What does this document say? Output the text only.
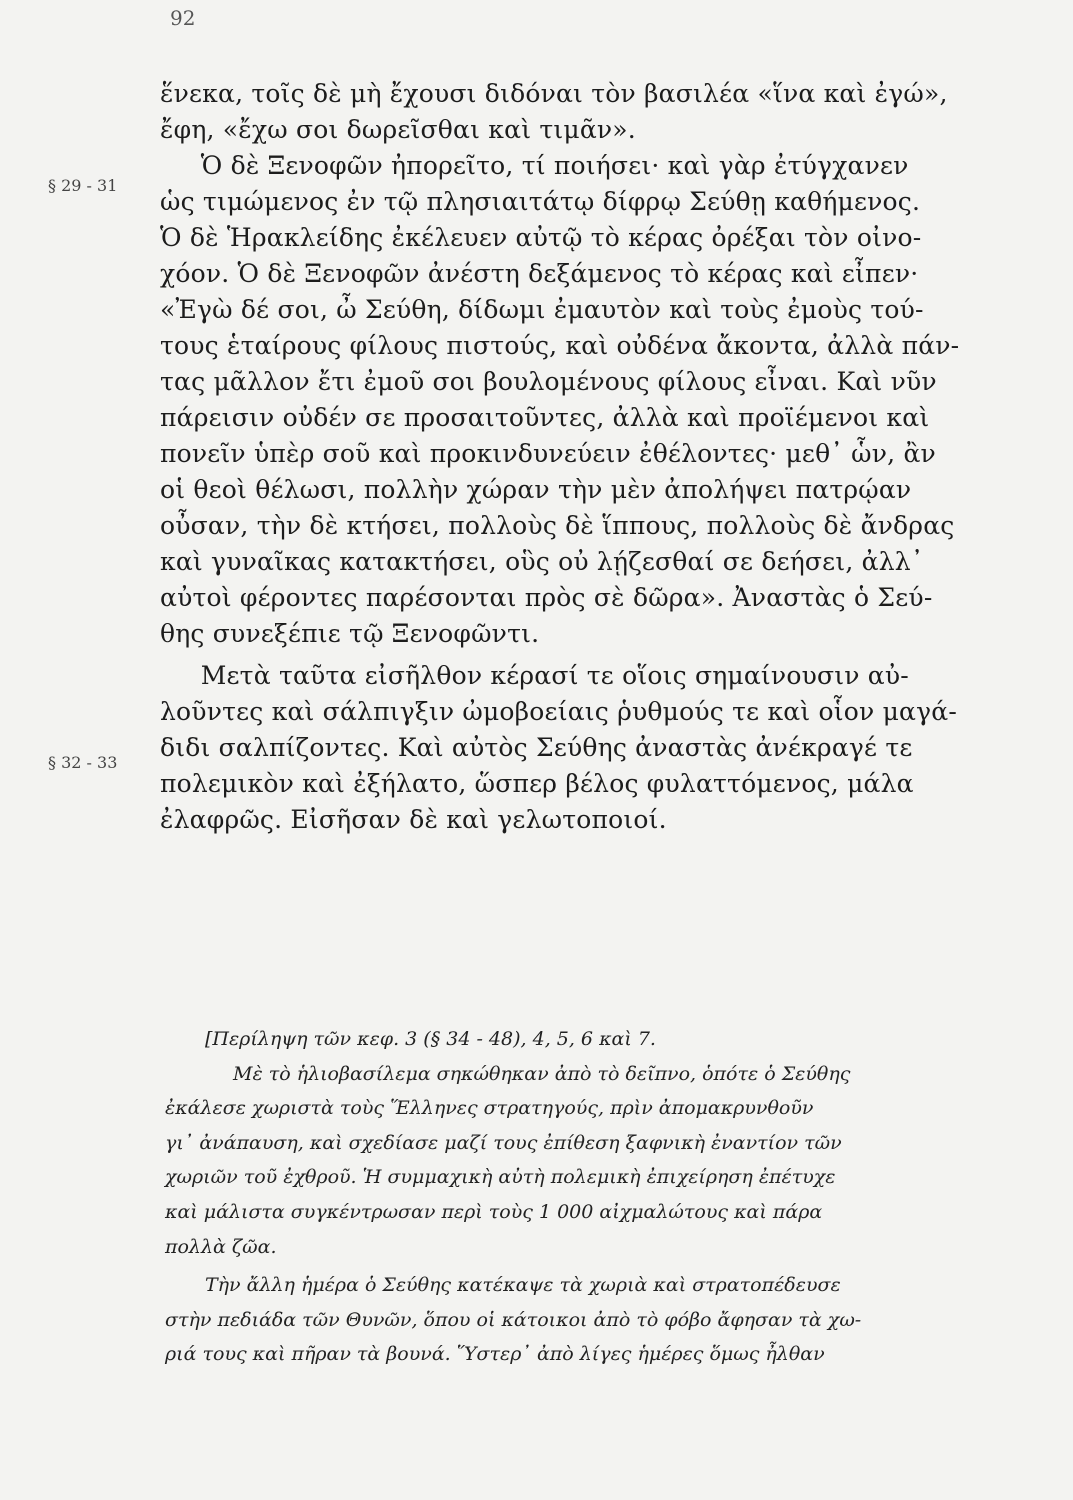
92
§ 29 - 31
§ 32 - 33
ἕνεκα, τοῖς δὲ μὴ ἔχουσι διδόναι τὸν βασιλέα «ἵνα καὶ ἐγώ»,
ἔφη, «ἔχω σοι δωρεῖσθαι καὶ τιμᾶν».
Ὁ δὲ Ξενοφῶν ἠπορεῖτο, τί ποιήσει· καὶ γὰρ ἐτύγχανεν
ὡς τιμώμενος ἐν τῷ πλησιαιτάτῳ δίφρῳ Σεύθῃ καθήμενος.
Ὁ δὲ Ἡρακλείδης ἐκέλευεν αὐτῷ τὸ κέρας ὀρέξαι τὸν οἰνο-
χόον. Ὁ δὲ Ξενοφῶν ἀνέστη δεξάμενος τὸ κέρας καὶ εἶπεν·
«Ἐγὼ δέ σοι, ὦ Σεύθη, δίδωμι ἐμαυτὸν καὶ τοὺς ἐμοὺς τού-
τους ἑταίρους φίλους πιστούς, καὶ οὐδένα ἄκοντα, ἀλλὰ πάν-
τας μᾶλλον ἔτι ἐμοῦ σοι βουλομένους φίλους εἶναι. Καὶ νῦν
πάρεισιν οὐδέν σε προσαιτοῦντες, ἀλλὰ καὶ προϊέμενοι καὶ
πονεῖν ὑπὲρ σοῦ καὶ προκινδυνεύειν ἐθέλοντες· μεθ᾽ ὧν, ἂν
οἱ θεοὶ θέλωσι, πολλὴν χώραν τὴν μὲν ἀπολήψει πατρῴαν
οὖσαν, τὴν δὲ κτήσει, πολλοὺς δὲ ἵππους, πολλοὺς δὲ ἄνδρας
καὶ γυναῖκας κατακτήσει, οὓς οὐ λῄζεσθαί σε δεήσει, ἀλλ᾽
αὐτοὶ φέροντες παρέσονται πρὸς σὲ δῶρα». Ἀναστὰς ὁ Σεύ-
θης συνεξέπιε τῷ Ξενοφῶντι.
Μετὰ ταῦτα εἰσῆλθον κέρασί τε οἵοις σημαίνουσιν αὐ-
λοῦντες καὶ σάλπιγξιν ὠμοβοείαις ῥυθμούς τε καὶ οἷον μαγά-
διδι σαλπίζοντες. Καὶ αὐτὸς Σεύθης ἀναστὰς ἀνέκραγέ τε
πολεμικὸν καὶ ἐξήλατο, ὥσπερ βέλος φυλαττόμενος, μάλα
ἐλαφρῶς. Εἰσῆσαν δὲ καὶ γελωτοποιοί.
[Περίληψη τῶν κεφ. 3 (§ 34 - 48), 4, 5, 6 καὶ 7.
Μὲ τὸ ἡλιοβασίλεμα σηκώθηκαν ἀπὸ τὸ δεῖπνο, ὁπότε ὁ Σεύθης
ἐκάλεσε χωριστὰ τοὺς Ἕλληνες στρατηγούς, πρὶν ἀπομακρυνθοῦν
γι᾽ ἀνάπαυση, καὶ σχεδίασε μαζί τους ἐπίθεση ξαφνικὴ ἐναντίον τῶν
χωριῶν τοῦ ἐχθροῦ. Ἡ συμμαχικὴ αὐτὴ πολεμικὴ ἐπιχείρηση ἐπέτυχε
καὶ μάλιστα συγκέντρωσαν περὶ τοὺς 1 000 αἰχμαλώτους καὶ πάρα
πολλὰ ζῶα.
Τὴν ἄλλη ἡμέρα ὁ Σεύθης κατέκαψε τὰ χωριὰ καὶ στρατοπέδευσε
στὴν πεδιάδα τῶν Θυνῶν, ὅπου οἱ κάτοικοι ἀπὸ τὸ φόβο ἄφησαν τὰ χω-
ριά τους καὶ πῆραν τὰ βουνά. Ὕστερ᾽ ἀπὸ λίγες ἡμέρες ὅμως ἦλθαν
